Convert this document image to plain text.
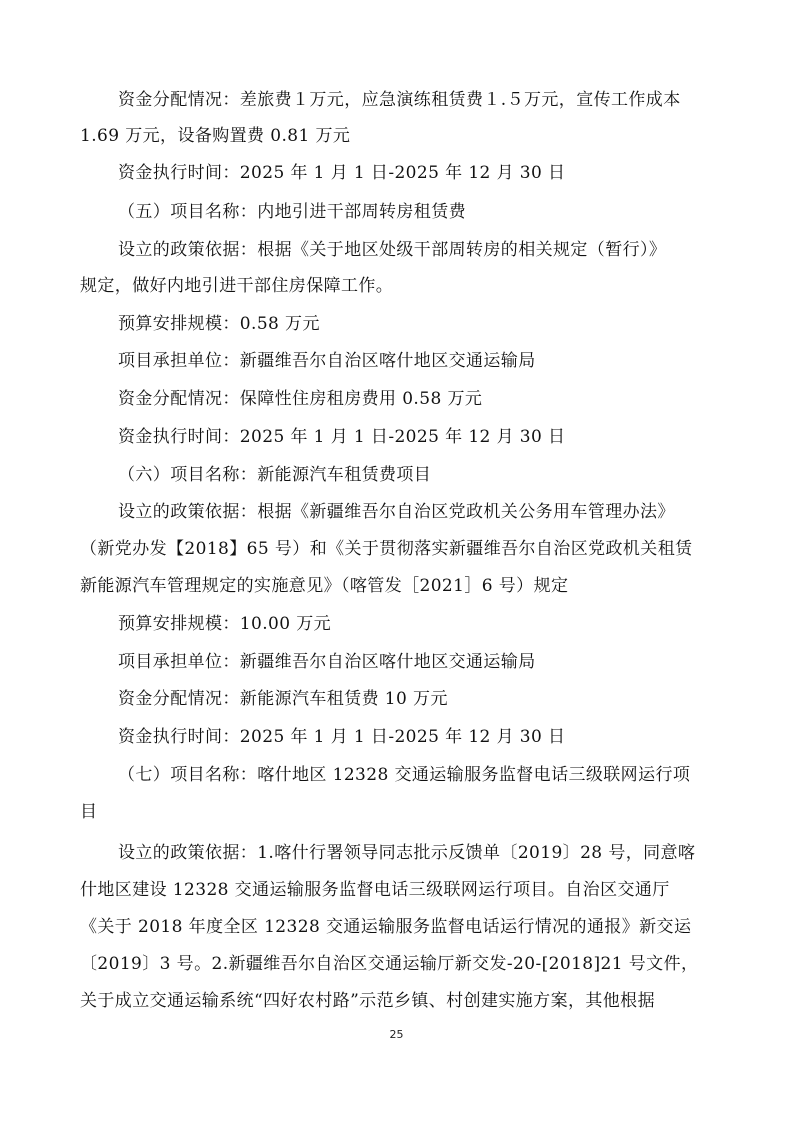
资金分配情况：差旅费１万元，应急演练租赁费１.５万元，宣传工作成本
1.69 万元，设备购置费 0.81 万元
资金执行时间：2025 年 1 月 1 日-2025 年 12 月 30 日
（五）项目名称：内地引进干部周转房租赁费
设立的政策依据：根据《关于地区处级干部周转房的相关规定（暂行）》
规定，做好内地引进干部住房保障工作。
预算安排规模：0.58 万元
项目承担单位：新疆维吾尔自治区喀什地区交通运输局
资金分配情况：保障性住房租房费用 0.58 万元
资金执行时间：2025 年 1 月 1 日-2025 年 12 月 30 日
（六）项目名称：新能源汽车租赁费项目
设立的政策依据：根据《新疆维吾尔自治区党政机关公务用车管理办法》
（新党办发【2018】65 号）和《关于贯彻落实新疆维吾尔自治区党政机关租赁
新能源汽车管理规定的实施意见》（喀管发［2021］6 号）规定
预算安排规模：10.00 万元
项目承担单位：新疆维吾尔自治区喀什地区交通运输局
资金分配情况：新能源汽车租赁费 10 万元
资金执行时间：2025 年 1 月 1 日-2025 年 12 月 30 日
（七）项目名称：喀什地区 12328 交通运输服务监督电话三级联网运行项
目
设立的政策依据：1.喀什行署领导同志批示反馈单〔2019〕28 号，同意喀
什地区建设 12328 交通运输服务监督电话三级联网运行项目。自治区交通厅
《关于 2018 年度全区 12328 交通运输服务监督电话运行情况的通报》新交运
〔2019〕3 号。2.新疆维吾尔自治区交通运输厅新交发-20-[2018]21 号文件，
关于成立交通运输系统“四好农村路”示范乡镇、村创建实施方案，其他根据
25
